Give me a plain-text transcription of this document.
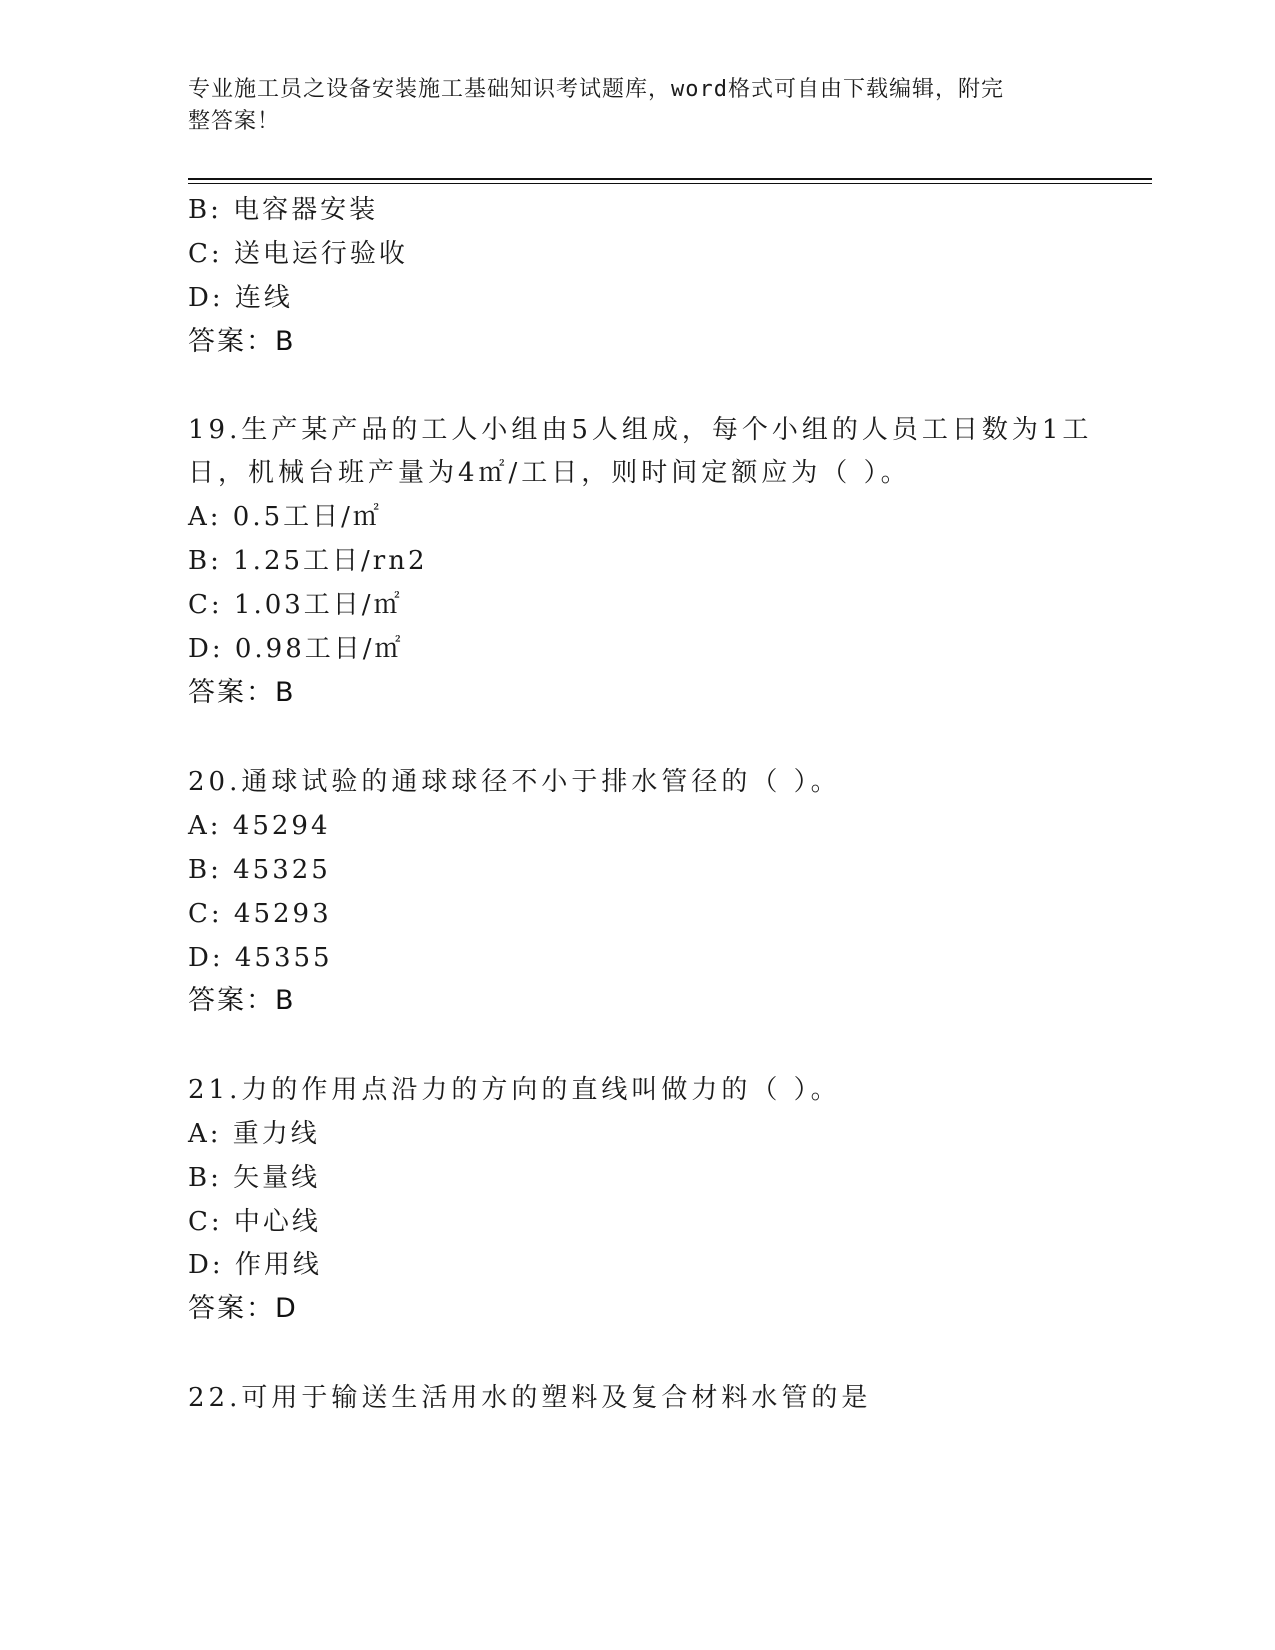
专业施工员之设备安装施工基础知识考试题库，word格式可自由下载编辑，附完
整答案！
B: 电容器安装
C: 送电运行验收
D: 连线
答案：B
19.生产某产品的工人小组由5人组成，每个小组的人员工日数为1工
日，机械台班产量为4㎡/工日，则时间定额应为（ ）。
A: 0.5工日/㎡
B: 1.25工日/rn2
C: 1.03工日/㎡
D: 0.98工日/㎡
答案：B
20.通球试验的通球球径不小于排水管径的（ ）。
A: 45294
B: 45325
C: 45293
D: 45355
答案：B
21.力的作用点沿力的方向的直线叫做力的（ ）。
A: 重力线
B: 矢量线
C: 中心线
D: 作用线
答案：D
22.可用于输送生活用水的塑料及复合材料水管的是
